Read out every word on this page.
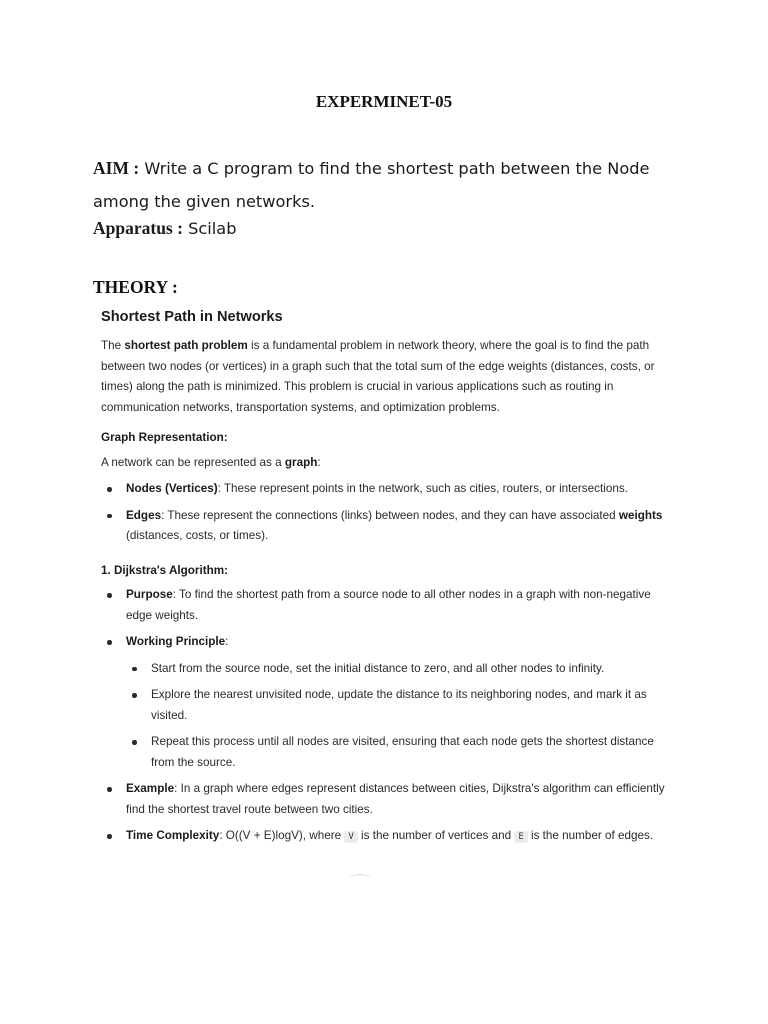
EXPERMINET-05
AIM : Write a C program to find the shortest path between the Node among the given networks.
Apparatus : Scilab
THEORY :
Shortest Path in Networks

The shortest path problem is a fundamental problem in network theory, where the goal is to find the path between two nodes (or vertices) in a graph such that the total sum of the edge weights (distances, costs, or times) along the path is minimized. This problem is crucial in various applications such as routing in communication networks, transportation systems, and optimization problems.

Graph Representation:

A network can be represented as a graph:

Nodes (Vertices): These represent points in the network, such as cities, routers, or intersections.
Edges: These represent the connections (links) between nodes, and they can have associated weights (distances, costs, or times).

1. Dijkstra's Algorithm:

Purpose: To find the shortest path from a source node to all other nodes in a graph with non-negative edge weights.
Working Principle:
Start from the source node, set the initial distance to zero, and all other nodes to infinity.
Explore the nearest unvisited node, update the distance to its neighboring nodes, and mark it as visited.
Repeat this process until all nodes are visited, ensuring that each node gets the shortest distance from the source.
Example: In a graph where edges represent distances between cities, Dijkstra's algorithm can efficiently find the shortest travel route between two cities.
Time Complexity: O((V + E)logV), where V is the number of vertices and E is the number of edges.
